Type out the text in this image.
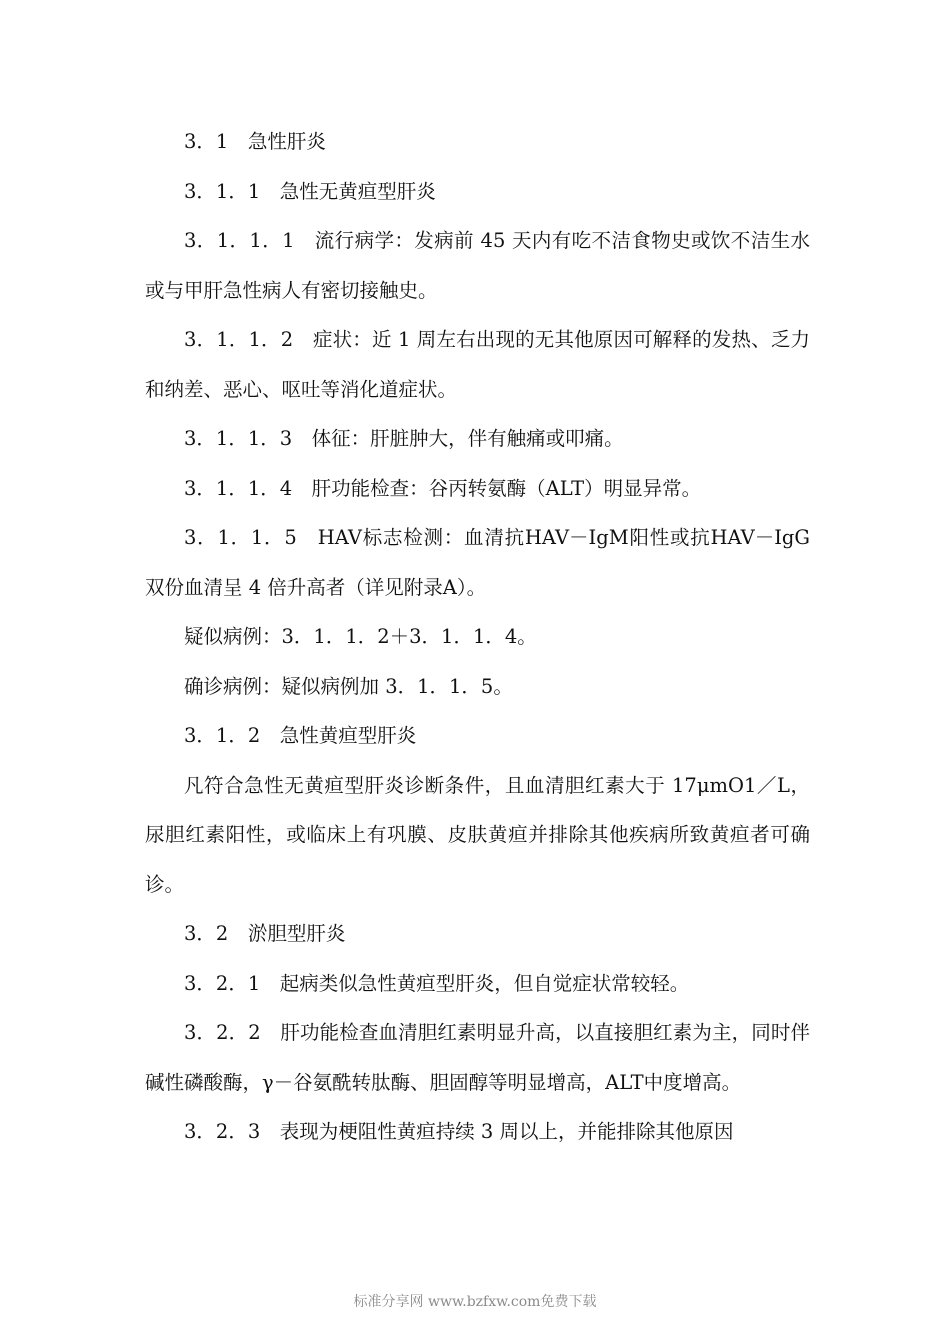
3．1　急性肝炎

3．1．1　急性无黄疸型肝炎

3．1．1．1　流行病学：发病前 45 天内有吃不洁食物史或饮不洁生水或与甲肝急性病人有密切接触史。

3．1．1．2　症状：近 1 周左右出现的无其他原因可解释的发热、乏力和纳差、恶心、呕吐等消化道症状。

3．1．1．3　体征：肝脏肿大，伴有触痛或叩痛。

3．1．1．4　肝功能检查：谷丙转氨酶（ALT）明显异常。

3．1．1．5　HAV标志检测：血清抗HAV－IgM阳性或抗HAV－IgG双份血清呈 4 倍升高者（详见附录A）。

疑似病例：3．1．1．2＋3．1．1．4。

确诊病例：疑似病例加 3．1．1．5。

3．1．2　急性黄疸型肝炎

凡符合急性无黄疸型肝炎诊断条件，且血清胆红素大于 17μmO1／L，尿胆红素阳性，或临床上有巩膜、皮肤黄疸并排除其他疾病所致黄疸者可确诊。

3．2　淤胆型肝炎

3．2．1　起病类似急性黄疸型肝炎，但自觉症状常较轻。

3．2．2　肝功能检查血清胆红素明显升高，以直接胆红素为主，同时伴碱性磷酸酶，γ－谷氨酰转肽酶、胆固醇等明显增高，ALT中度增高。

3．2．3　表现为梗阻性黄疸持续 3 周以上，并能排除其他原因

标准分享网 www.bzfxw.com免费下载
